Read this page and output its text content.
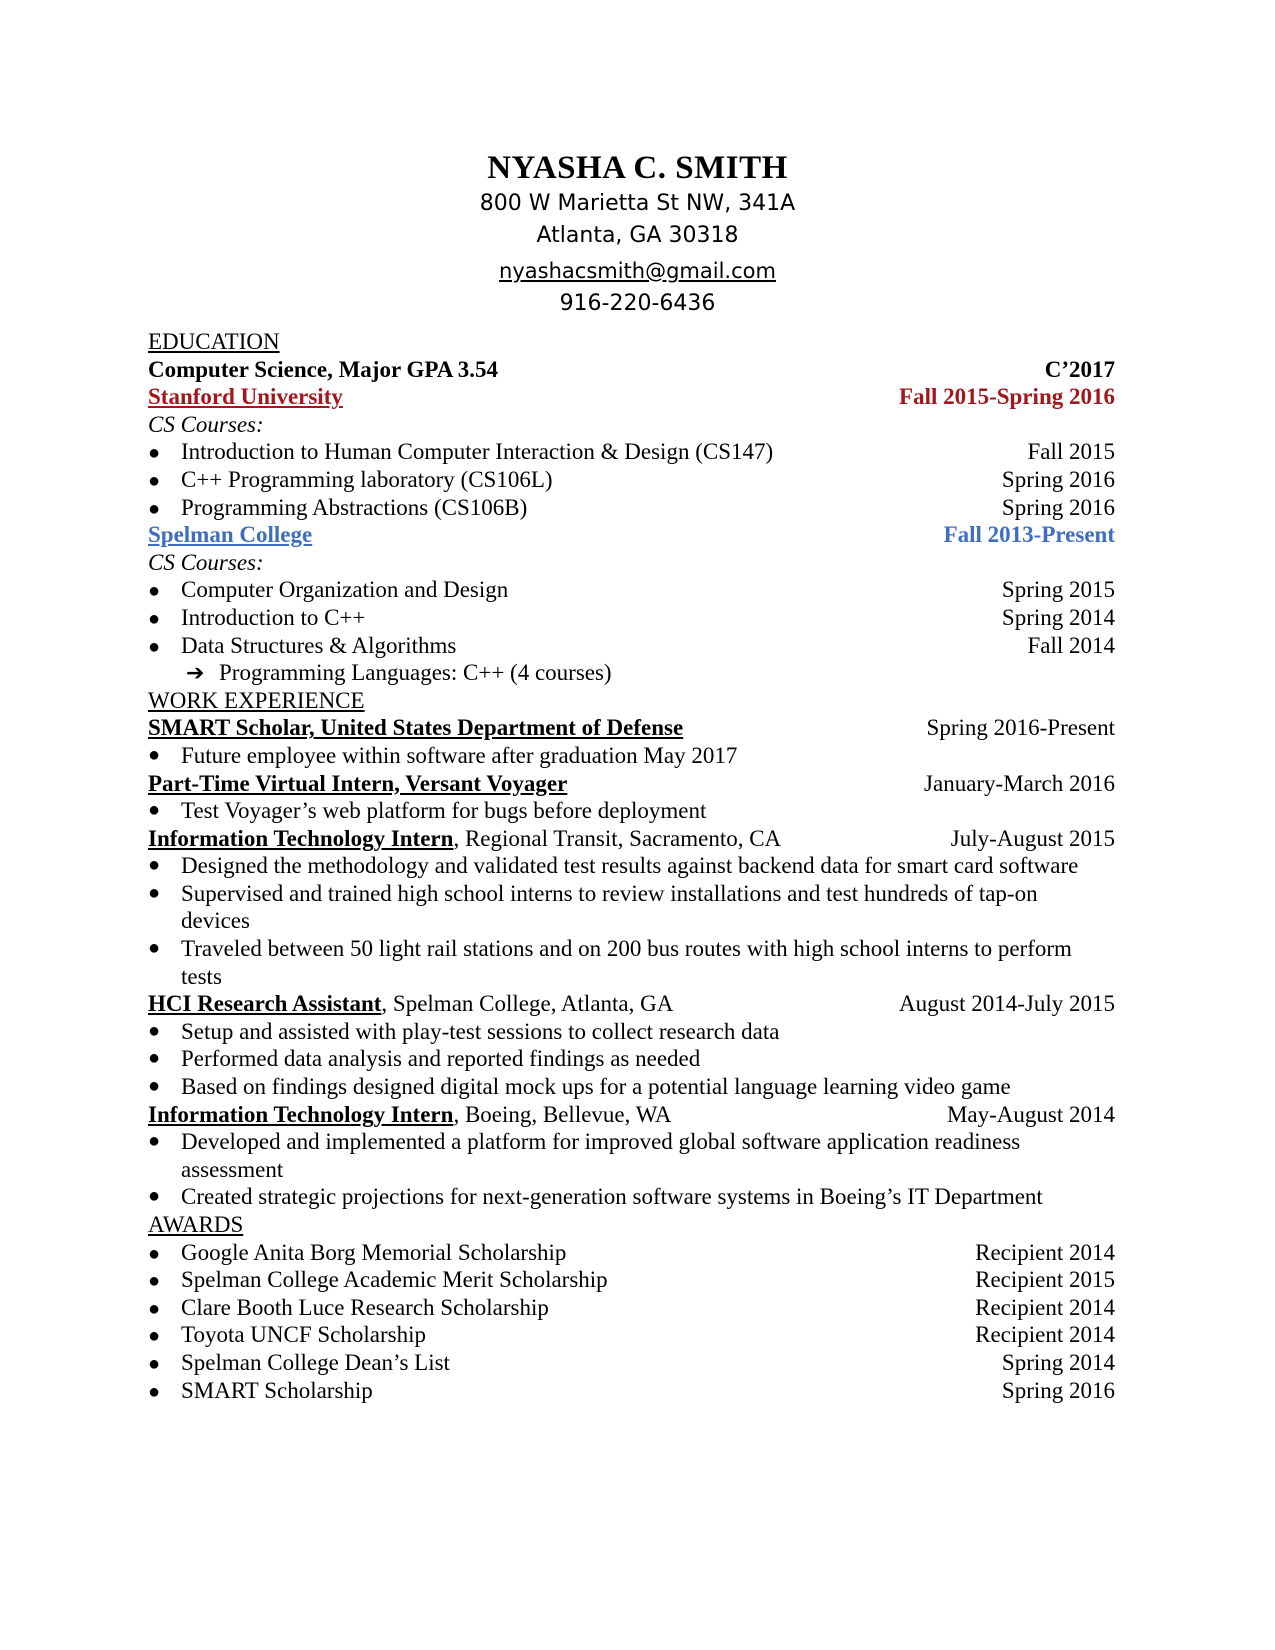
NYASHA C. SMITH
800 W Marietta St NW, 341A
Atlanta, GA 30318
nyashacsmith@gmail.com
916-220-6436
EDUCATION
Computer Science, Major GPA 3.54	C’2017
Stanford University	Fall 2015-Spring 2016
CS Courses:
● Introduction to Human Computer Interaction & Design (CS147)	Fall 2015
● C++ Programming laboratory (CS106L)	Spring 2016
● Programming Abstractions (CS106B)	Spring 2016
Spelman College	Fall 2013-Present
CS Courses:
● Computer Organization and Design	Spring 2015
● Introduction to C++	Spring 2014
● Data Structures & Algorithms	Fall 2014
➔ Programming Languages: C++ (4 courses)
WORK EXPERIENCE
SMART Scholar, United States Department of Defense	Spring 2016-Present
● Future employee within software after graduation May 2017
Part-Time Virtual Intern, Versant Voyager	January-March 2016
● Test Voyager’s web platform for bugs before deployment
Information Technology Intern, Regional Transit, Sacramento, CA	July-August 2015
● Designed the methodology and validated test results against backend data for smart card software
● Supervised and trained high school interns to review installations and test hundreds of tap-on devices
● Traveled between 50 light rail stations and on 200 bus routes with high school interns to perform tests
HCI Research Assistant, Spelman College, Atlanta, GA	August 2014-July 2015
● Setup and assisted with play-test sessions to collect research data
● Performed data analysis and reported findings as needed
● Based on findings designed digital mock ups for a potential language learning video game
Information Technology Intern, Boeing, Bellevue, WA	May-August 2014
● Developed and implemented a platform for improved global software application readiness assessment
● Created strategic projections for next-generation software systems in Boeing’s IT Department
AWARDS
● Google Anita Borg Memorial Scholarship	Recipient 2014
● Spelman College Academic Merit Scholarship	Recipient 2015
● Clare Booth Luce Research Scholarship	Recipient 2014
● Toyota UNCF Scholarship	Recipient 2014
● Spelman College Dean’s List	Spring 2014
● SMART Scholarship	Spring 2016
